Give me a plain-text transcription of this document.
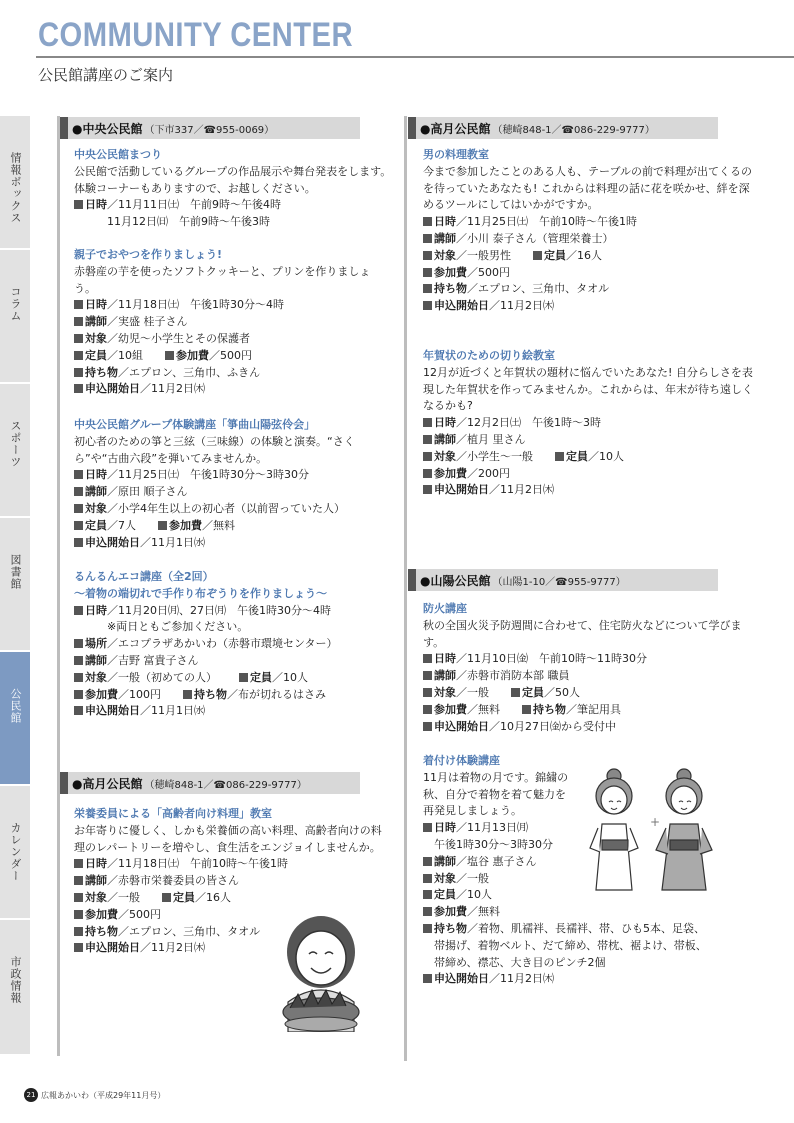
COMMUNITY CENTER
公民館講座のご案内
情報ボックス
コラム
スポーツ
図書館
公民館
カレンダー
市政情報
●中央公民館 （下市337／☎955-0069）
中央公民館まつり
公民館で活動しているグループの作品展示や舞台発表をします。体験コーナーもありますので、お越しください。
日時／11月11日㈯　午前9時～午後4時
　　　11月12日㈰　午前9時～午後3時
親子でおやつを作りましょう!
赤磐産の芋を使ったソフトクッキーと、プリンを作りましょう。
日時／11月18日㈯　午後1時30分～4時
講師／実盛 桂子さん
対象／幼児～小学生とその保護者
定員／10組	参加費／500円
持ち物／エプロン、三角巾、ふきん
申込開始日／11月2日㈭
中央公民館グループ体験講座「箏曲山陽弦伶会」
初心者のための箏と三絃（三味線）の体験と演奏。“さくら”や“古曲六段”を弾いてみませんか。
日時／11月25日㈯　午後1時30分～3時30分
講師／原田 順子さん
対象／小学4年生以上の初心者（以前習っていた人）
定員／7人	参加費／無料
申込開始日／11月1日㈬
るんるんエコ講座（全2回）
～着物の端切れで手作り布ぞうりを作りましょう～
日時／11月20日㈪、27日㈪　午後1時30分～4時
　　　※両日ともご参加ください。
場所／エコプラザあかいわ（赤磐市環境センター）
講師／吉野 富貴子さん
対象／一般（初めての人）	定員／10人
参加費／100円	持ち物／布が切れるはさみ
申込開始日／11月1日㈬
●高月公民館 （穂崎848-1／☎086-229-9777）
栄養委員による「高齢者向け料理」教室
お年寄りに優しく、しかも栄養価の高い料理、高齢者向けの料理のレパートリーを増やし、食生活をエンジョイしませんか。
日時／11月18日㈯　午前10時～午後1時
講師／赤磐市栄養委員の皆さん
対象／一般	定員／16人
参加費／500円
持ち物／エプロン、三角巾、タオル
申込開始日／11月2日㈭
●高月公民館 （穂崎848-1／☎086-229-9777）
男の料理教室
今まで参加したことのある人も、テーブルの前で料理が出てくるのを待っていたあなたも! これからは料理の話に花を咲かせ、絆を深めるツールにしてはいかがですか。
日時／11月25日㈯　午前10時～午後1時
講師／小川 泰子さん（管理栄養士）
対象／一般男性	定員／16人
参加費／500円
持ち物／エプロン、三角巾、タオル
申込開始日／11月2日㈭
年賀状のための切り絵教室
12月が近づくと年賀状の題材に悩んでいたあなた! 自分らしさを表現した年賀状を作ってみませんか。これからは、年末が待ち遠しくなるかも?
日時／12月2日㈯　午後1時～3時
講師／植月 里さん
対象／小学生～一般	定員／10人
参加費／200円
申込開始日／11月2日㈭
●山陽公民館 （山陽1-10／☎955-9777）
防火講座
秋の全国火災予防週間に合わせて、住宅防火などについて学びます。
日時／11月10日㈮　午前10時～11時30分
講師／赤磐市消防本部 職員
対象／一般	定員／50人
参加費／無料	持ち物／筆記用具
申込開始日／10月27日㈮から受付中
着付け体験講座
11月は着物の月です。錦繍の秋、自分で着物を着て魅力を再発見しましょう。
日時／11月13日㈪
　午後1時30分～3時30分
講師／塩谷 惠子さん
対象／一般
定員／10人
参加費／無料
持ち物／着物、肌襦袢、長襦袢、帯、ひも5本、足袋、
　帯揚げ、着物ベルト、だて締め、帯枕、裾よけ、帯板、
　帯締め、襟芯、大き目のピンチ2個
申込開始日／11月2日㈭
+
21 広報あかいわ（平成29年11月号）
